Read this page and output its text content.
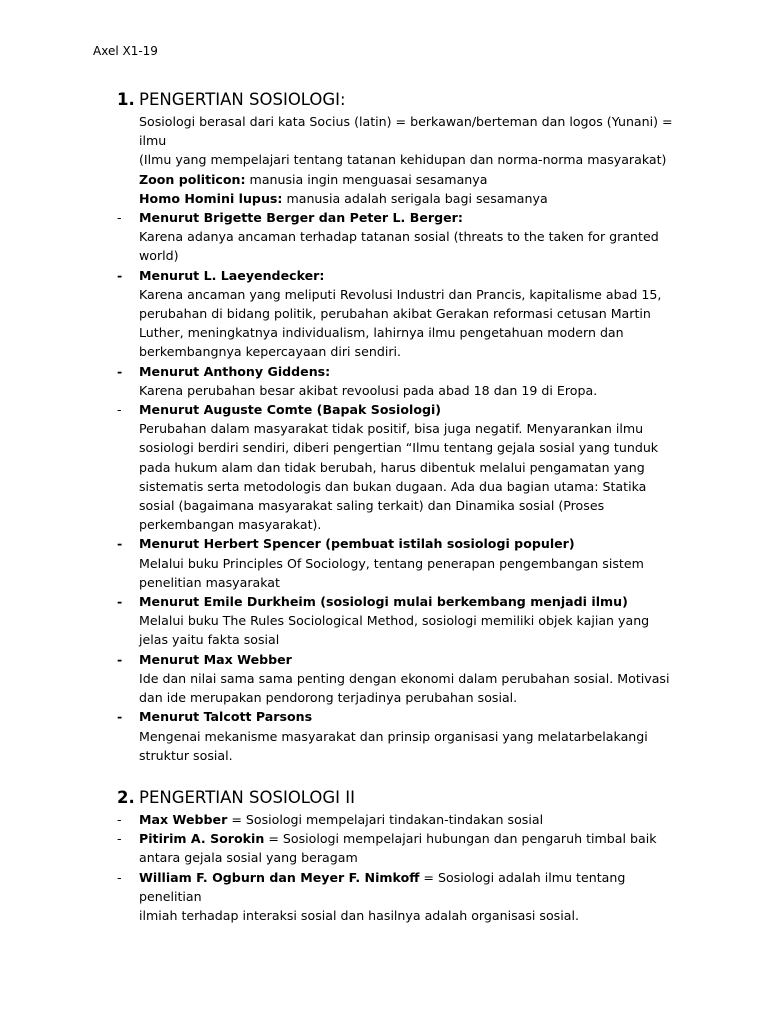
Axel X1-19
1. PENGERTIAN SOSIOLOGI:
Sosiologi berasal dari kata Socius (latin) = berkawan/berteman dan logos (Yunani) =
ilmu
(Ilmu yang mempelajari tentang tatanan kehidupan dan norma-norma masyarakat)
Zoon politicon: manusia ingin menguasai sesamanya
Homo Homini lupus: manusia adalah serigala bagi sesamanya
-	Menurut Brigette Berger dan Peter L. Berger:
Karena adanya ancaman terhadap tatanan sosial (threats to the taken for granted
world)
-	Menurut L. Laeyendecker:
Karena ancaman yang meliputi Revolusi Industri dan Prancis, kapitalisme abad 15,
perubahan di bidang politik, perubahan akibat Gerakan reformasi cetusan Martin
Luther, meningkatnya individualism, lahirnya ilmu pengetahuan modern dan
berkembangnya kepercayaan diri sendiri.
-	Menurut Anthony Giddens:
Karena perubahan besar akibat revoolusi pada abad 18 dan 19 di Eropa.
-	Menurut Auguste Comte (Bapak Sosiologi)
Perubahan dalam masyarakat tidak positif, bisa juga negatif. Menyarankan ilmu
sosiologi berdiri sendiri, diberi pengertian “Ilmu tentang gejala sosial yang tunduk
pada hukum alam dan tidak berubah, harus dibentuk melalui pengamatan yang
sistematis serta metodologis dan bukan dugaan. Ada dua bagian utama: Statika
sosial (bagaimana masyarakat saling terkait) dan Dinamika sosial (Proses
perkembangan masyarakat).
-	Menurut Herbert Spencer (pembuat istilah sosiologi populer)
Melalui buku Principles Of Sociology, tentang penerapan pengembangan sistem
penelitian masyarakat
-	Menurut Emile Durkheim (sosiologi mulai berkembang menjadi ilmu)
Melalui buku The Rules Sociological Method, sosiologi memiliki objek kajian yang
jelas yaitu fakta sosial
-	Menurut Max Webber
Ide dan nilai sama sama penting dengan ekonomi dalam perubahan sosial. Motivasi
dan ide merupakan pendorong terjadinya perubahan sosial.
-	Menurut Talcott Parsons
Mengenai mekanisme masyarakat dan prinsip organisasi yang melatarbelakangi
struktur sosial.
2. PENGERTIAN SOSIOLOGI II
-	Max Webber = Sosiologi mempelajari tindakan-tindakan sosial
-	Pitirim A. Sorokin = Sosiologi mempelajari hubungan dan pengaruh timbal baik
antara gejala sosial yang beragam
-	William F. Ogburn dan Meyer F. Nimkoff = Sosiologi adalah ilmu tentang penelitian
ilmiah terhadap interaksi sosial dan hasilnya adalah organisasi sosial.
